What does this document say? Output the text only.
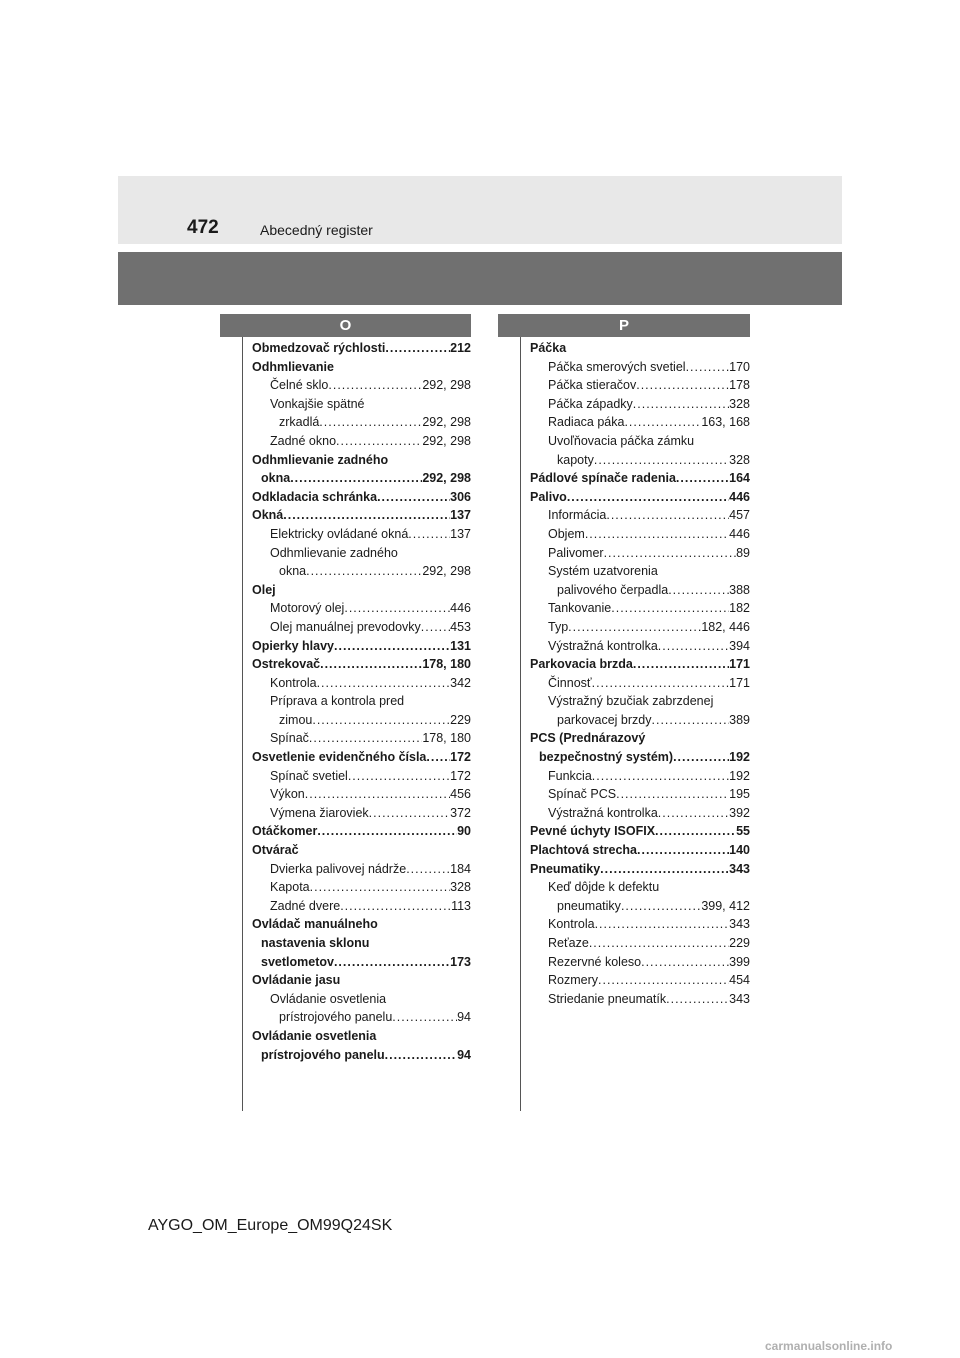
472	Abecedný register
O	P
Obmedzovač rýchlosti .....	212
Odhmlievanie
Čelné sklo .....	292, 298
Vonkajšie spätné
zrkadlá .....	292, 298
Zadné okno .....	292, 298
Odhmlievanie zadného
okna .....	292, 298
Odkladacia schránka .....	306
Okná .....	137
Elektricky ovládané okná .....	137
Odhmlievanie zadného
okna .....	292, 298
Olej
Motorový olej .....	446
Olej manuálnej prevodovky ..... 453
Opierky hlavy .....	131
Ostrekovač .....	178, 180
Kontrola .....	342
Príprava a kontrola pred
zimou .....	229
Spínač .....	178, 180
Osvetlenie evidenčného čísla ..... 172
Spínač svetiel .....	172
Výkon .....	456
Výmena žiaroviek .....	372
Otáčkomer .....	90
Otvárač
Dvierka palivovej nádrže .....	184
Kapota .....	328
Zadné dvere .....	113
Ovládač manuálneho
nastavenia sklonu
svetlometov .....	173
Ovládanie jasu
Ovládanie osvetlenia
prístrojového panelu .....	94
Ovládanie osvetlenia
prístrojového panelu .....	94
Páčka
Páčka smerových svetiel .....	170
Páčka stieračov .....	178
Páčka západky .....	328
Radiaca páka .....	163, 168
Uvoľňovacia páčka zámku
kapoty .....	328
Pádlové spínače radenia .....	164
Palivo .....	446
Informácia .....	457
Objem .....	446
Palivomer .....	89
Systém uzatvorenia
palivového čerpadla .....	388
Tankovanie .....	182
Typ .....	182, 446
Výstražná kontrolka .....	394
Parkovacia brzda .....	171
Činnosť .....	171
Výstražný bzučiak zabrzdenej
parkovacej brzdy .....	389
PCS (Prednárazový
bezpečnostný systém) .....	192
Funkcia .....	192
Spínač PCS .....	195
Výstražná kontrolka .....	392
Pevné úchyty ISOFIX .....	55
Plachtová strecha .....	140
Pneumatiky .....	343
Keď dôjde k defektu
pneumatiky .....	399, 412
Kontrola .....	343
Reťaze .....	229
Rezervné koleso .....	399
Rozmery .....	454
Striedanie pneumatík .....	343
AYGO_OM_Europe_OM99Q24SK
carmanualsonline.info
